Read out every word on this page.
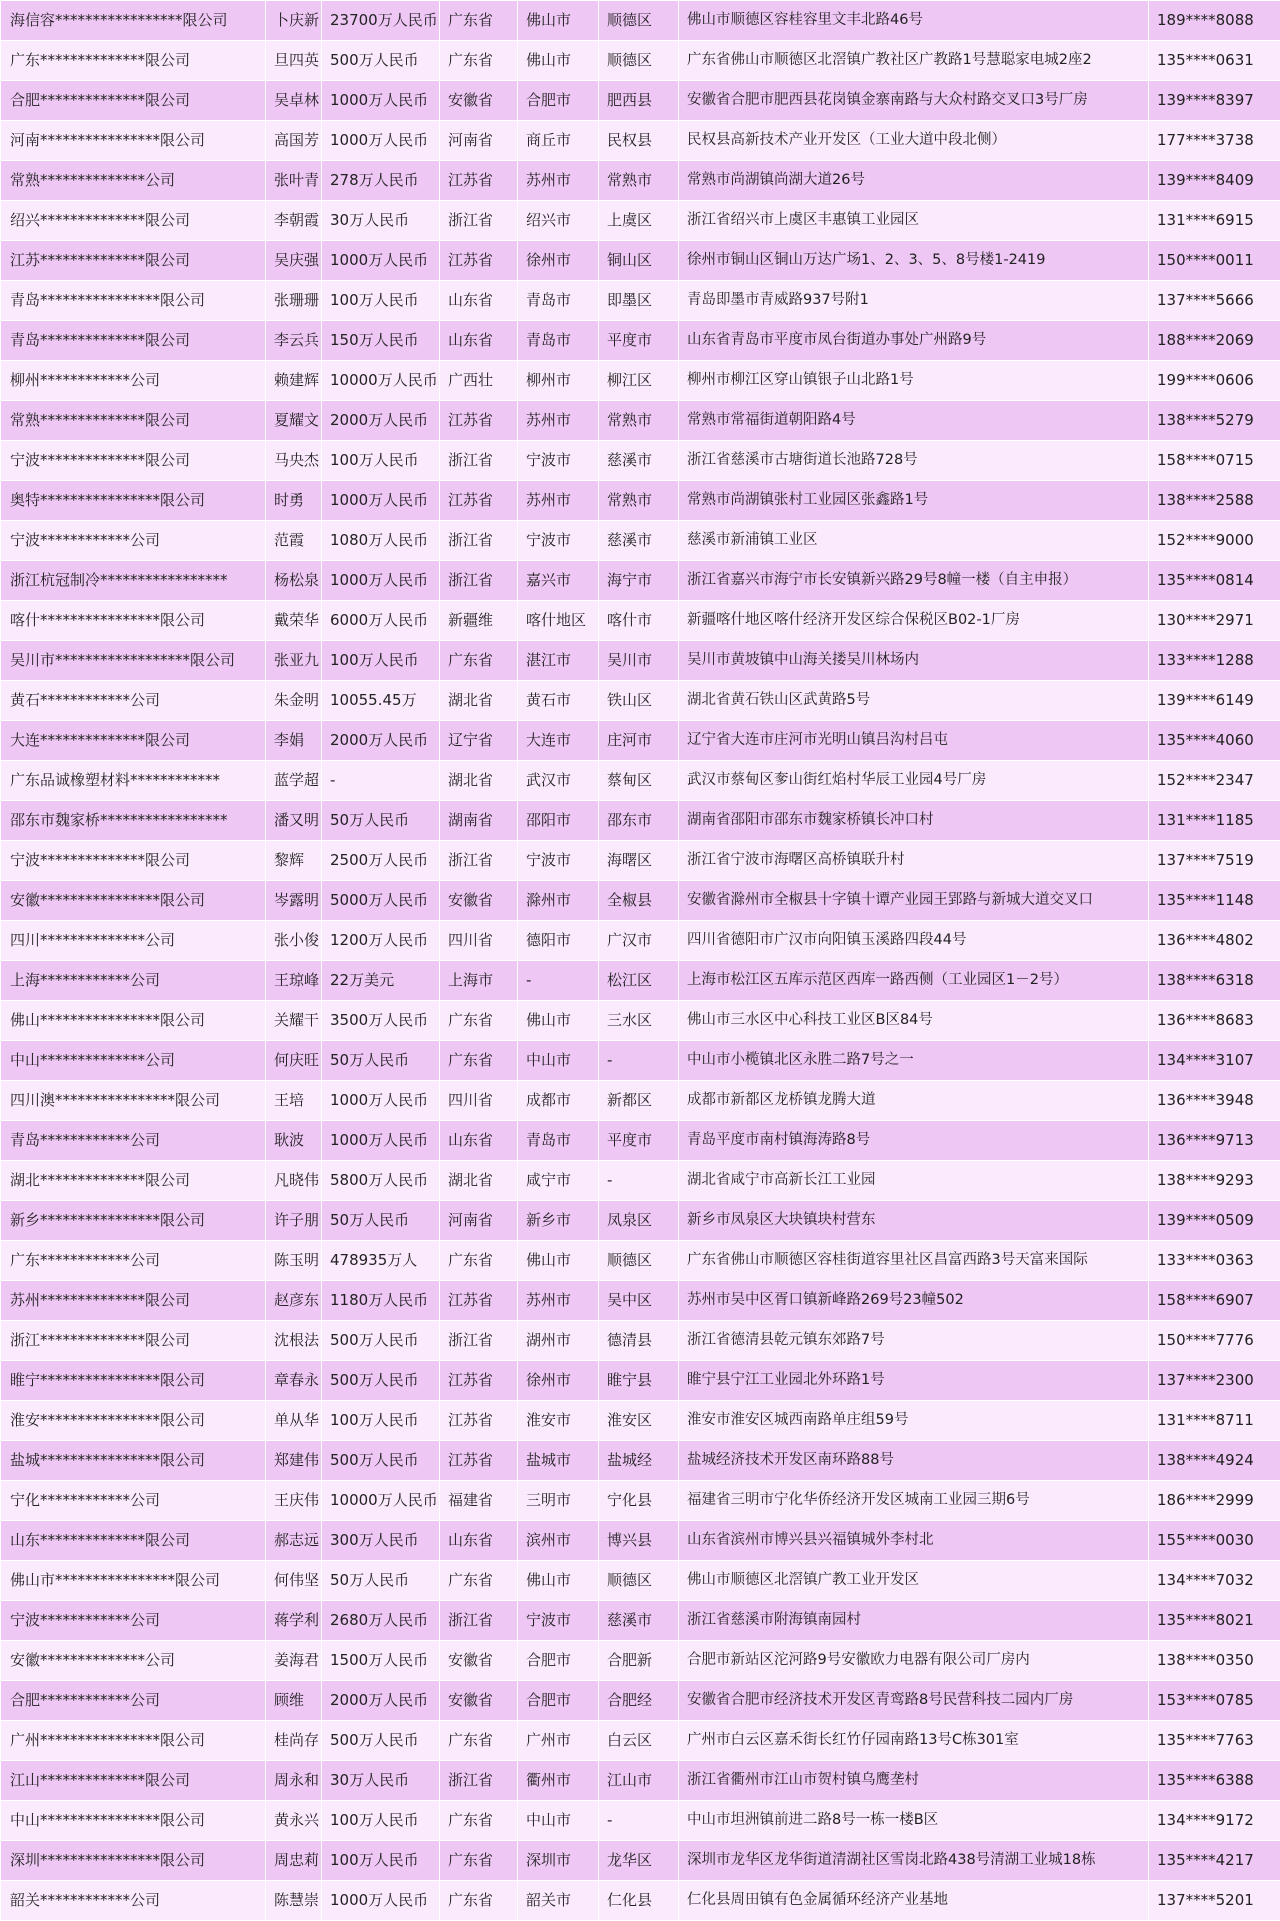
海信容*****************限公司	卜庆新	23700万人民币	广东省	佛山市	顺德区	佛山市顺德区容桂容里文丰北路46号	189****8088
广东**************限公司	旦四英	500万人民币	广东省	佛山市	顺德区	广东省佛山市顺德区北滘镇广教社区广教路1号慧聪家电城2座2	135****0631
合肥**************限公司	吴卓林	1000万人民币	安徽省	合肥市	肥西县	安徽省合肥市肥西县花岗镇金寨南路与大众村路交叉口3号厂房	139****8397
河南****************限公司	高国芳	1000万人民币	河南省	商丘市	民权县	民权县高新技术产业开发区（工业大道中段北侧）	177****3738
常熟**************公司	张叶青	278万人民币	江苏省	苏州市	常熟市	常熟市尚湖镇尚湖大道26号	139****8409
绍兴**************限公司	李朝霞	30万人民币	浙江省	绍兴市	上虞区	浙江省绍兴市上虞区丰惠镇工业园区	131****6915
江苏**************限公司	吴庆强	1000万人民币	江苏省	徐州市	铜山区	徐州市铜山区铜山万达广场1、2、3、5、8号楼1-2419	150****0011
青岛****************限公司	张珊珊	100万人民币	山东省	青岛市	即墨区	青岛即墨市青威路937号附1	137****5666
青岛**************限公司	李云兵	150万人民币	山东省	青岛市	平度市	山东省青岛市平度市凤台街道办事处广州路9号	188****2069
柳州************公司	赖建辉	10000万人民币	广西壮	柳州市	柳江区	柳州市柳江区穿山镇银子山北路1号	199****0606
常熟**************限公司	夏耀文	2000万人民币	江苏省	苏州市	常熟市	常熟市常福街道朝阳路4号	138****5279
宁波**************限公司	马央杰	100万人民币	浙江省	宁波市	慈溪市	浙江省慈溪市古塘街道长池路728号	158****0715
奥特****************限公司	时勇	1000万人民币	江苏省	苏州市	常熟市	常熟市尚湖镇张村工业园区张鑫路1号	138****2588
宁波************公司	范霞	1080万人民币	浙江省	宁波市	慈溪市	慈溪市新浦镇工业区	152****9000
浙江杭冠制冷*****************	杨松泉	1000万人民币	浙江省	嘉兴市	海宁市	浙江省嘉兴市海宁市长安镇新兴路29号8幢一楼（自主申报）	135****0814
喀什****************限公司	戴荣华	6000万人民币	新疆维	喀什地区	喀什市	新疆喀什地区喀什经济开发区综合保税区B02-1厂房	130****2971
吴川市******************限公司	张亚九	100万人民币	广东省	湛江市	吴川市	吴川市黄坡镇中山海关搂吴川林场内	133****1288
黄石************公司	朱金明	10055.45万	湖北省	黄石市	铁山区	湖北省黄石铁山区武黄路5号	139****6149
大连**************限公司	李娟	2000万人民币	辽宁省	大连市	庄河市	辽宁省大连市庄河市光明山镇吕沟村吕屯	135****4060
广东品诚橡塑材料************	蓝学超	-	湖北省	武汉市	蔡甸区	武汉市蔡甸区奓山街红焰村华辰工业园4号厂房	152****2347
邵东市魏家桥*****************	潘又明	50万人民币	湖南省	邵阳市	邵东市	湖南省邵阳市邵东市魏家桥镇长冲口村	131****1185
宁波**************限公司	黎辉	2500万人民币	浙江省	宁波市	海曙区	浙江省宁波市海曙区高桥镇联升村	137****7519
安徽****************限公司	岑露明	5000万人民币	安徽省	滁州市	全椒县	安徽省滁州市全椒县十字镇十谭产业园王郢路与新城大道交叉口	135****1148
四川**************公司	张小俊	1200万人民币	四川省	德阳市	广汉市	四川省德阳市广汉市向阳镇玉溪路四段44号	136****4802
上海************公司	王琼峰	22万美元	上海市	-	松江区	上海市松江区五库示范区西库一路西侧（工业园区1－2号）	138****6318
佛山****************限公司	关耀干	3500万人民币	广东省	佛山市	三水区	佛山市三水区中心科技工业区B区84号	136****8683
中山**************公司	何庆旺	50万人民币	广东省	中山市	-	中山市小榄镇北区永胜二路7号之一	134****3107
四川澳****************限公司	王培	1000万人民币	四川省	成都市	新都区	成都市新都区龙桥镇龙腾大道	136****3948
青岛************公司	耿波	1000万人民币	山东省	青岛市	平度市	青岛平度市南村镇海涛路8号	136****9713
湖北**************限公司	凡晓伟	5800万人民币	湖北省	咸宁市	-	湖北省咸宁市高新长江工业园	138****9293
新乡****************限公司	许子朋	50万人民币	河南省	新乡市	凤泉区	新乡市凤泉区大块镇块村营东	139****0509
广东************公司	陈玉明	478935万人	广东省	佛山市	顺德区	广东省佛山市顺德区容桂街道容里社区昌富西路3号天富来国际	133****0363
苏州**************限公司	赵彦东	1180万人民币	江苏省	苏州市	吴中区	苏州市吴中区胥口镇新峰路269号23幢502	158****6907
浙江**************限公司	沈根法	500万人民币	浙江省	湖州市	德清县	浙江省德清县乾元镇东郊路7号	150****7776
睢宁****************限公司	章春永	500万人民币	江苏省	徐州市	睢宁县	睢宁县宁江工业园北外环路1号	137****2300
淮安****************限公司	单从华	100万人民币	江苏省	淮安市	淮安区	淮安市淮安区城西南路单庄组59号	131****8711
盐城****************限公司	郑建伟	500万人民币	江苏省	盐城市	盐城经	盐城经济技术开发区南环路88号	138****4924
宁化************公司	王庆伟	10000万人民币	福建省	三明市	宁化县	福建省三明市宁化华侨经济开发区城南工业园三期6号	186****2999
山东**************限公司	郝志远	300万人民币	山东省	滨州市	博兴县	山东省滨州市博兴县兴福镇城外李村北	155****0030
佛山市****************限公司	何伟坚	50万人民币	广东省	佛山市	顺德区	佛山市顺德区北滘镇广教工业开发区	134****7032
宁波************公司	蒋学利	2680万人民币	浙江省	宁波市	慈溪市	浙江省慈溪市附海镇南园村	135****8021
安徽**************公司	姜海君	1500万人民币	安徽省	合肥市	合肥新	合肥市新站区沱河路9号安徽欧力电器有限公司厂房内	138****0350
合肥************公司	顾维	2000万人民币	安徽省	合肥市	合肥经	安徽省合肥市经济技术开发区青鸾路8号民营科技二园内厂房	153****0785
广州****************限公司	桂尚存	500万人民币	广东省	广州市	白云区	广州市白云区嘉禾街长红竹仔园南路13号C栋301室	135****7763
江山**************限公司	周永和	30万人民币	浙江省	衢州市	江山市	浙江省衢州市江山市贺村镇乌鹰垄村	135****6388
中山****************限公司	黄永兴	100万人民币	广东省	中山市	-	中山市坦洲镇前进二路8号一栋一楼B区	134****9172
深圳****************限公司	周忠莉	100万人民币	广东省	深圳市	龙华区	深圳市龙华区龙华街道清湖社区雪岗北路438号清湖工业城18栋	135****4217
韶关************公司	陈慧崇	1000万人民币	广东省	韶关市	仁化县	仁化县周田镇有色金属循环经济产业基地	137****5201
